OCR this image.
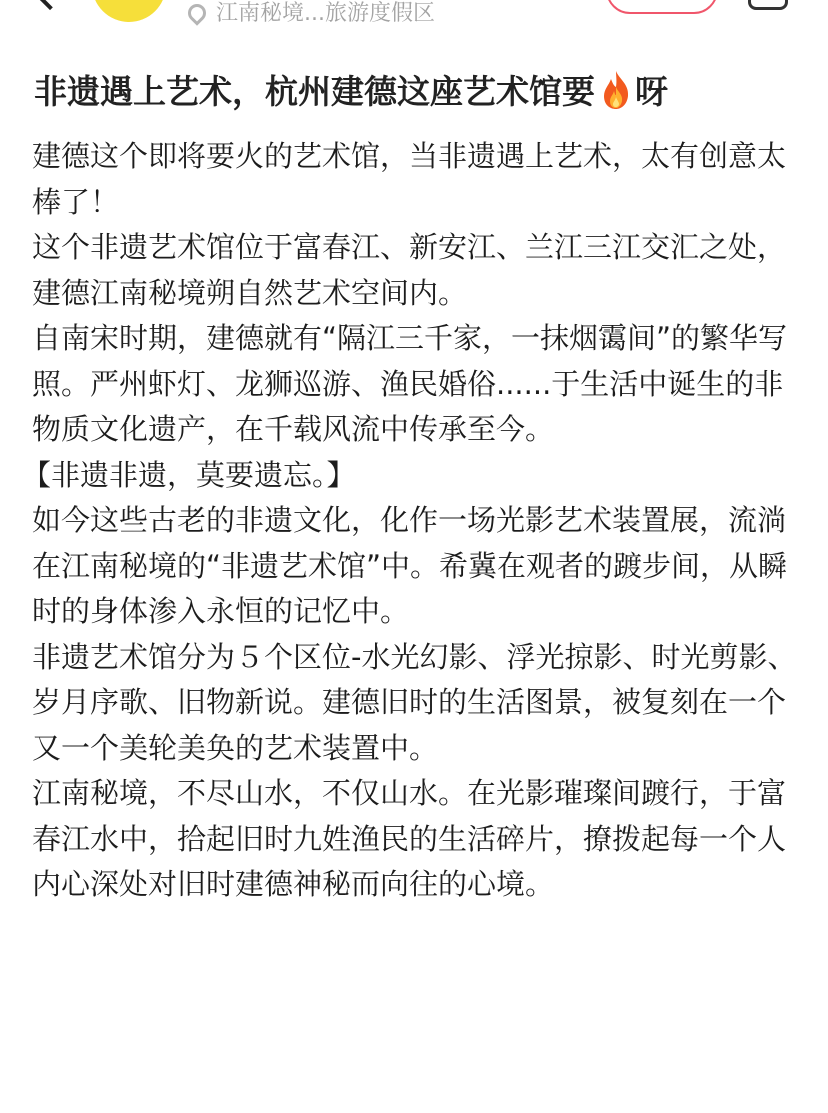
江南秘境...旅游度假区
非遗遇上艺术，杭州建德这座艺术馆要 呀

建德这个即将要火的艺术馆，当非遗遇上艺术，太有创意太棒了！

这个非遗艺术馆位于富春江、新安江、兰江三江交汇之处，建德江南秘境朔自然艺术空间内。

自南宋时期，建德就有“隔江三千家，一抹烟霭间”的繁华写照。严州虾灯、龙狮巡游、渔民婚俗......于生活中诞生的非物质文化遗产，在千载风流中传承至今。

【非遗非遗，莫要遗忘。】

如今这些古老的非遗文化，化作一场光影艺术装置展，流淌在江南秘境的“非遗艺术馆”中。希冀在观者的踱步间，从瞬时的身体渗入永恒的记忆中。

非遗艺术馆分为５个区位-水光幻影、浮光掠影、时光剪影、岁月序歌、旧物新说。建德旧时的生活图景，被复刻在一个又一个美轮美奂的艺术装置中。

江南秘境，不尽山水，不仅山水。在光影璀璨间踱行，于富春江水中，拾起旧时九姓渔民的生活碎片，撩拨起每一个人内心深处对旧时建德神秘而向往的心境。
